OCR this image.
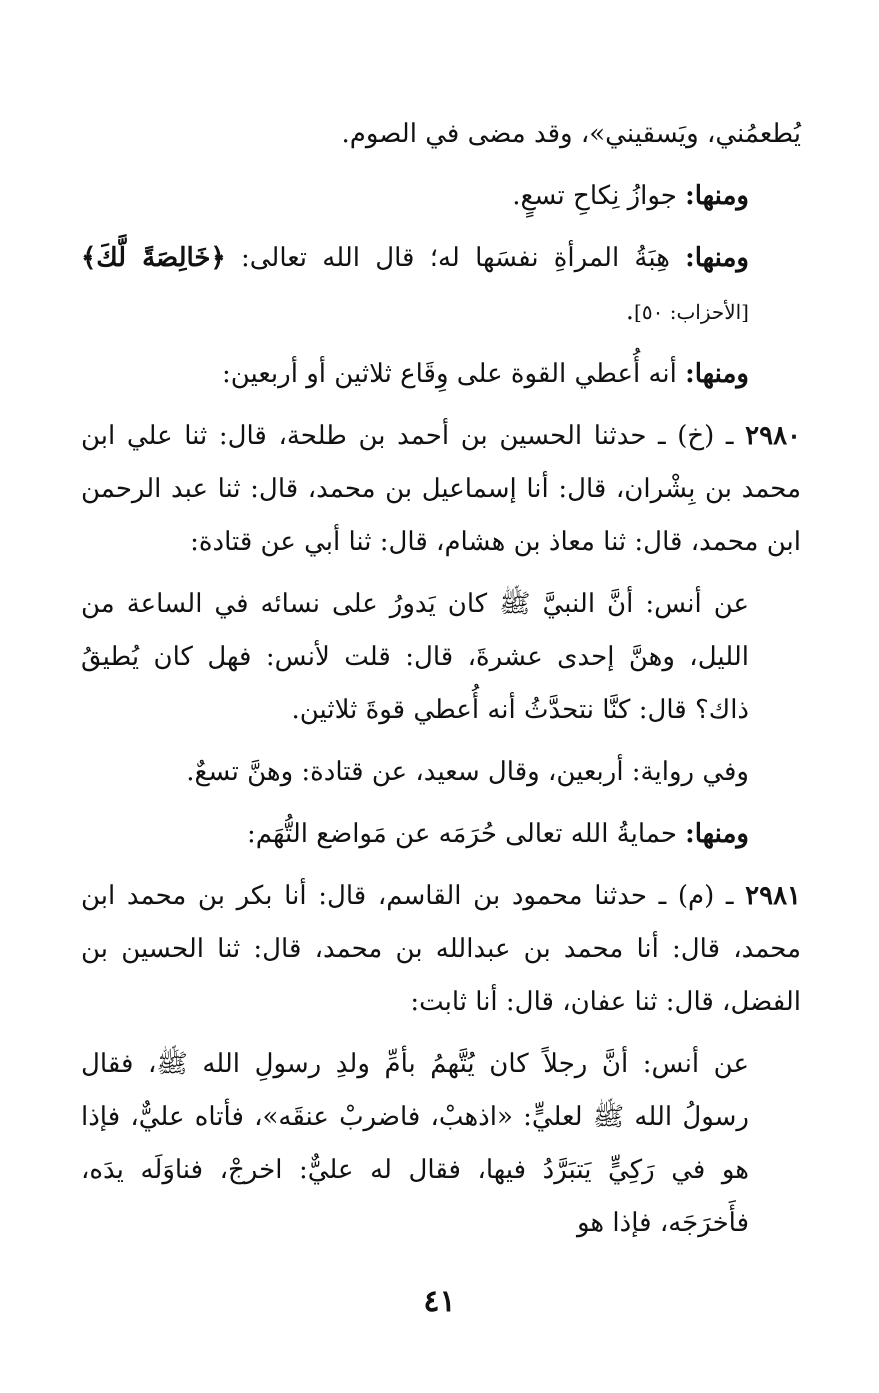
يُطعمُني، ويَسقيني»، وقد مضى في الصوم.

ومنها: جوازُ نِكاحِ تسعٍ.

ومنها: هِبَةُ المرأةِ نفسَها له؛ قال الله تعالى: ﴿خَالِصَةً لَّكَ﴾[الأحزاب: ٥٠].

ومنها: أنه أُعطي القوة على وِقَاع ثلاثين أو أربعين:

٢٩٨٠ ـ (خ) ـ حدثنا الحسين بن أحمد بن طلحة، قال: ثنا علي ابن محمد بن بِشْران، قال: أنا إسماعيل بن محمد، قال: ثنا عبد الرحمن ابن محمد، قال: ثنا معاذ بن هشام، قال: ثنا أبي عن قتادة:

عن أنس: أنَّ النبيَّ ﷺ كان يَدورُ على نسائه في الساعة من الليل، وهنَّ إحدى عشرةَ، قال: قلت لأنس: فهل كان يُطيقُ ذاك؟ قال: كنَّا نتحدَّثُ أنه أُعطي قوةَ ثلاثين.

وفي رواية: أربعين، وقال سعيد، عن قتادة: وهنَّ تسعٌ.

ومنها: حمايةُ الله تعالى حُرَمَه عن مَواضع التُّهَم:

٢٩٨١ ـ (م) ـ حدثنا محمود بن القاسم، قال: أنا بكر بن محمد ابن محمد، قال: أنا محمد بن عبدالله بن محمد، قال: ثنا الحسين بن الفضل، قال: ثنا عفان، قال: أنا ثابت:

عن أنس: أنَّ رجلاً كان يُتَّهمُ بأمِّ ولدِ رسولِ الله ﷺ، فقال رسولُ الله ﷺ لعليٍّ: «اذهبْ، فاضربْ عنقَه»، فأتاه عليٌّ، فإذا هو في رَكِيٍّ يَتبَرَّدُ فيها، فقال له عليٌّ: اخرجْ، فناوَلَه يدَه، فأَخرَجَه، فإذا هو

٤١
